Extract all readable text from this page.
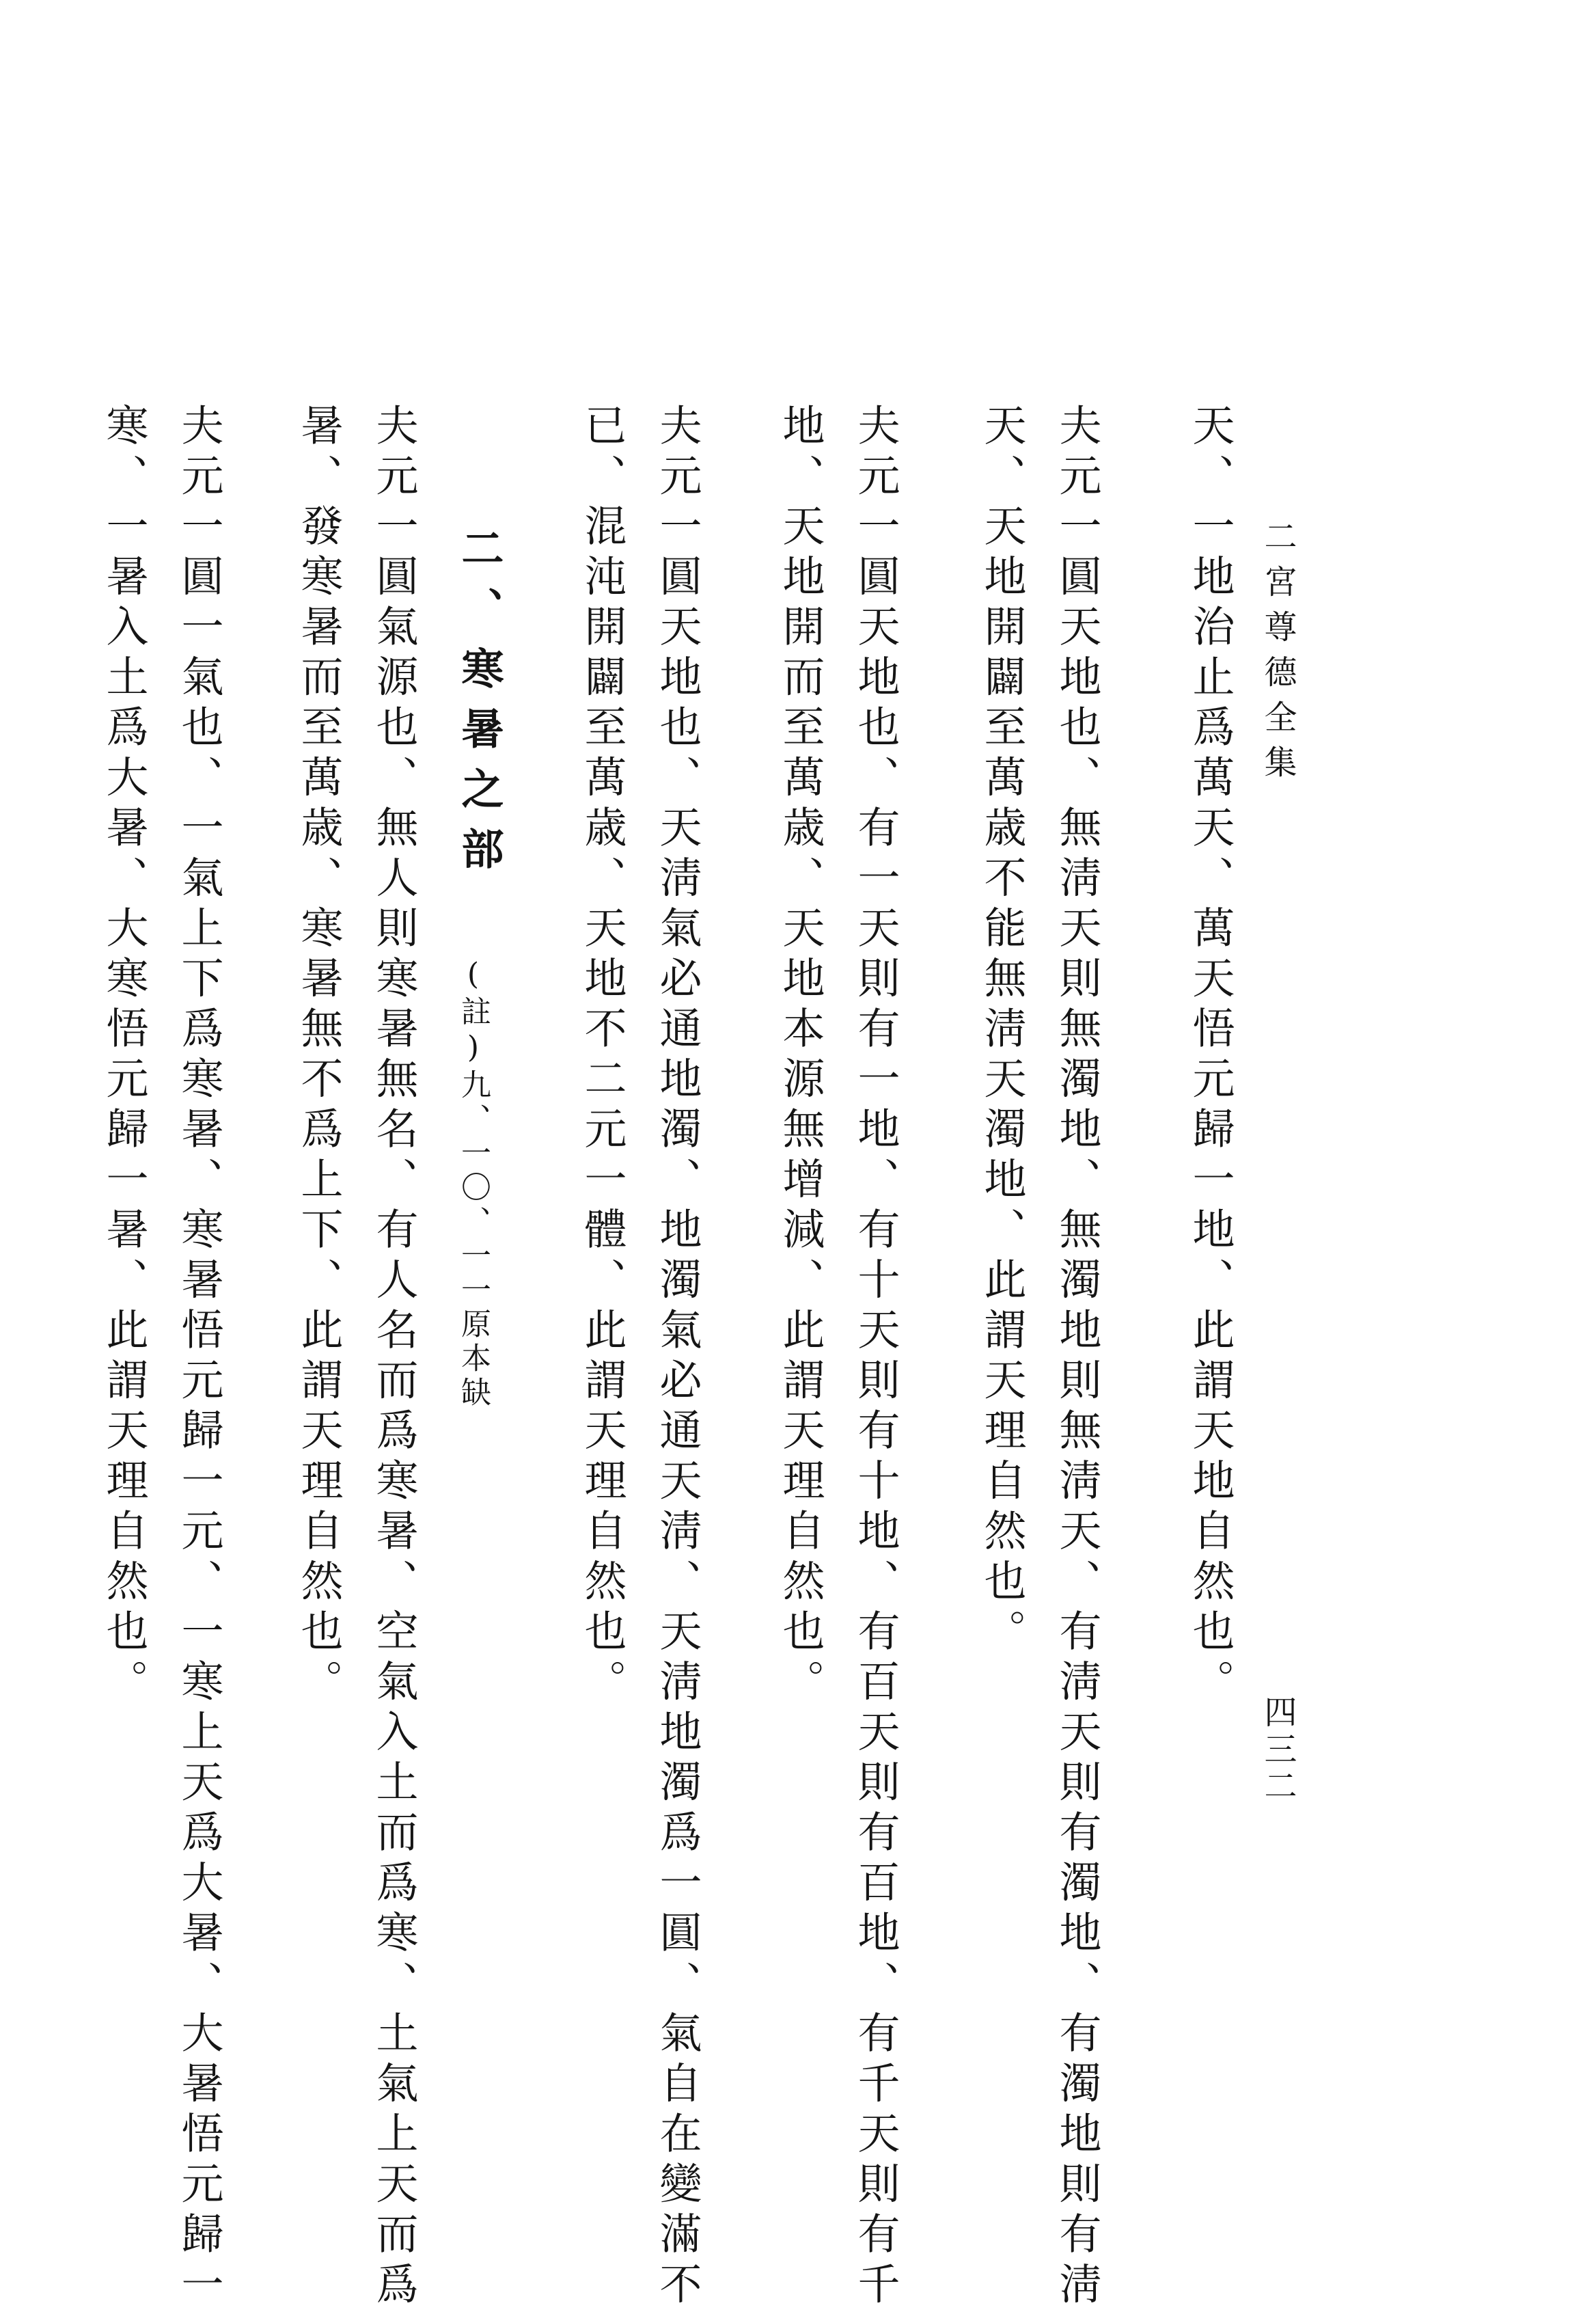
二宮尊德全集
四三二
天、一地治止爲萬天、萬天悟元歸一地、此謂天地自然也。
夫元一圓天地也、無淸天則無濁地、無濁地則無淸天、有淸天則有濁地、有濁地則有淸
天、天地開闢至萬歳不能無淸天濁地、此謂天理自然也。
夫元一圓天地也、有一天則有一地、有十天則有十地、有百天則有百地、有千天則有千
地、天地開而至萬歳、天地本源無增減、此謂天理自然也。
夫元一圓天地也、天淸氣必通地濁、地濁氣必通天淸、天淸地濁爲一圓、氣自在變滿不
已、混沌開闢至萬歳、天地不二元一體、此謂天理自然也。
二、寒暑之部
(註)九、一〇、一一原本缺
夫元一圓氣源也、無人則寒暑無名、有人名而爲寒暑、空氣入土而爲寒、土氣上天而爲
暑、發寒暑而至萬歳、寒暑無不爲上下、此謂天理自然也。
夫元一圓一氣也、一氣上下爲寒暑、寒暑悟元歸一元、一寒上天爲大暑、大暑悟元歸一
寒、一暑入土爲大暑、大寒悟元歸一暑、此謂天理自然也。
